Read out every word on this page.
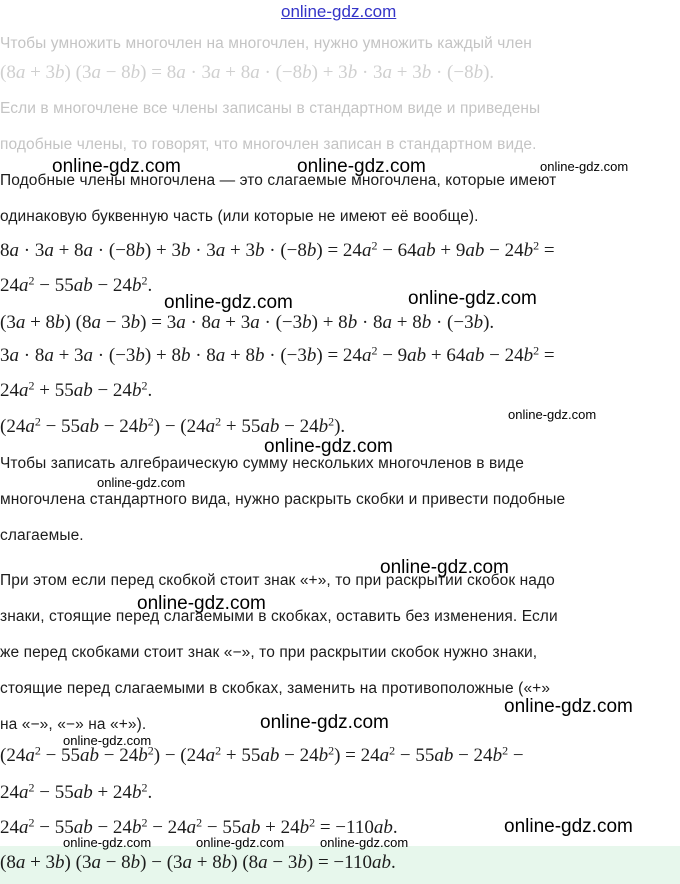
online-gdz.com
online-gdz.com	online-gdz.com	online-gdz.com
online-gdz.com	online-gdz.com
online-gdz.com
online-gdz.com
online-gdz.com
online-gdz.com
online-gdz.com
online-gdz.com
online-gdz.com
online-gdz.com
online-gdz.com
online-gdz.com	online-gdz.com	online-gdz.com
Чтобы умножить многочлен на многочлен, нужно умножить каждый член
(8a + 3b) (3a − 8b) = 8a · 3a + 8a · (−8b) + 3b · 3a + 3b · (−8b).
Если в многочлене все члены записаны в стандартном виде и приведены
подобные члены, то говорят, что многочлен записан в стандартном виде.
Подобные члены многочлена — это слагаемые многочлена, которые имеют
одинаковую буквенную часть (или которые не имеют её вообще).
$8a \cdot 3a + 8a \cdot (-8b) + 3b \cdot 3a + 3b \cdot (-8b) = 24a^2 - 64ab + 9ab - 24b^2$ =
$24a^2 - 55ab - 24b^2$.
(3a + 8b) (8a − 3b) = 3a · 8a + 3a · (−3b) + 8b · 8a + 8b · (−3b).
$3a \cdot 8a + 3a \cdot (-3b) + 8b \cdot 8a + 8b \cdot (-3b) = 24a^2 - 9ab + 64ab - 24b^2$ =
$24a^2 + 55ab - 24b^2$.
$(24a^2 - 55ab - 24b^2) - (24a^2 + 55ab - 24b^2)$.
Чтобы записать алгебраическую сумму нескольких многочленов в виде
многочлена стандартного вида, нужно раскрыть скобки и привести подобные
слагаемые.
При этом если перед скобкой стоит знак «+», то при раскрытии скобок надо
знаки, стоящие перед слагаемыми в скобках, оставить без изменения. Если
же перед скобками стоит знак «−», то при раскрытии скобок нужно знаки,
стоящие перед слагаемыми в скобках, заменить на противоположные («+»
на «−», «−» на «+»).
$(24a^2 - 55ab - 24b^2) - (24a^2 + 55ab - 24b^2) = 24a^2 - 55ab - 24b^2$ −
$24a^2 - 55ab + 24b^2$.
$24a^2 - 55ab - 24b^2 - 24a^2 - 55ab + 24b^2 = -110ab$.
(8a + 3b) (3a − 8b) − (3a + 8b) (8a − 3b) = −110ab.
